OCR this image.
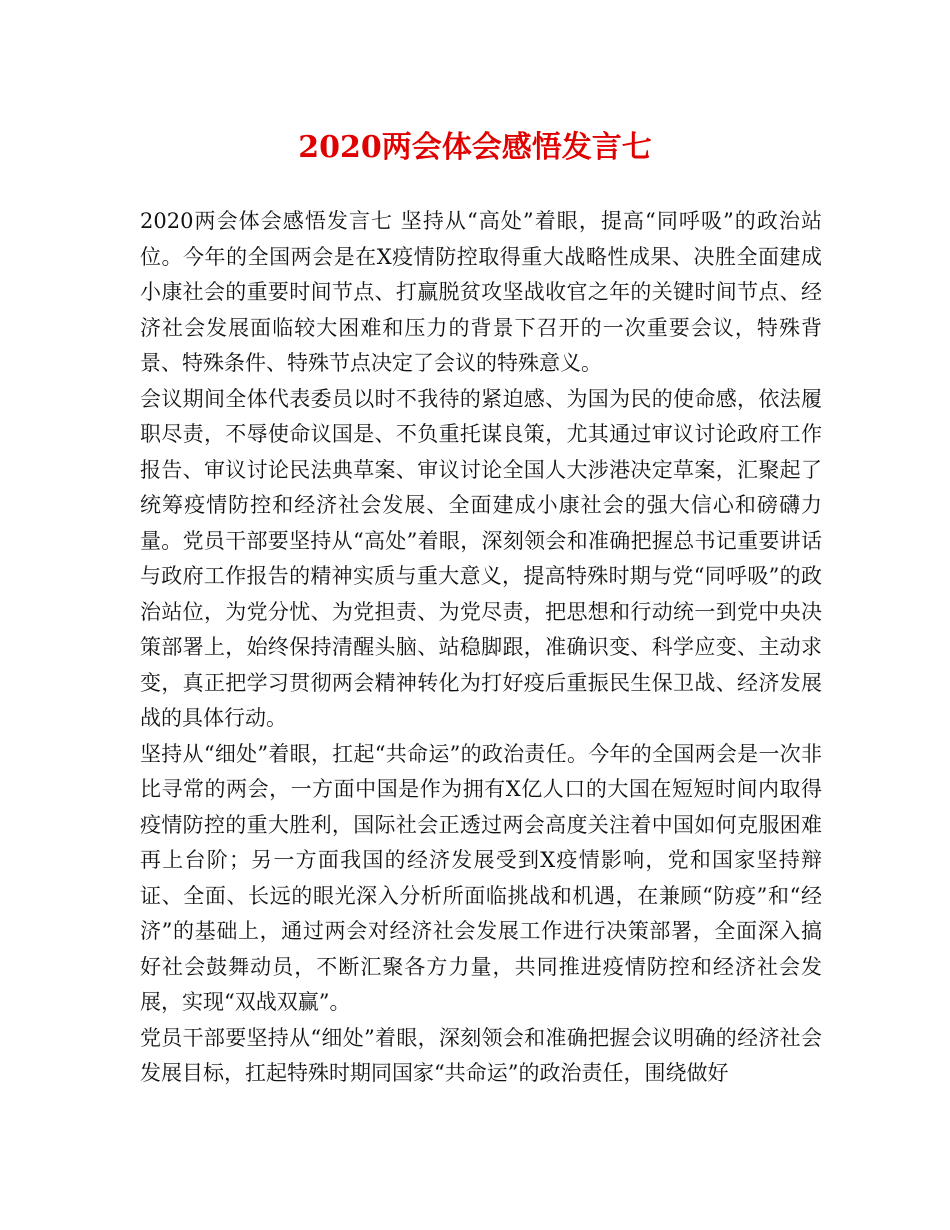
2020两会体会感悟发言七

2020两会体会感悟发言七 坚持从“高处”着眼，提高“同呼吸”的政治站位。今年的全国两会是在X疫情防控取得重大战略性成果、决胜全面建成小康社会的重要时间节点、打赢脱贫攻坚战收官之年的关键时间节点、经济社会发展面临较大困难和压力的背景下召开的一次重要会议，特殊背景、特殊条件、特殊节点决定了会议的特殊意义。

会议期间全体代表委员以时不我待的紧迫感、为国为民的使命感，依法履职尽责，不辱使命议国是、不负重托谋良策，尤其通过审议讨论政府工作报告、审议讨论民法典草案、审议讨论全国人大涉港决定草案，汇聚起了统筹疫情防控和经济社会发展、全面建成小康社会的强大信心和磅礴力量。党员干部要坚持从“高处”着眼，深刻领会和准确把握总书记重要讲话与政府工作报告的精神实质与重大意义，提高特殊时期与党“同呼吸”的政治站位，为党分忧、为党担责、为党尽责，把思想和行动统一到党中央决策部署上，始终保持清醒头脑、站稳脚跟，准确识变、科学应变、主动求变，真正把学习贯彻两会精神转化为打好疫后重振民生保卫战、经济发展战的具体行动。

坚持从“细处”着眼，扛起“共命运”的政治责任。今年的全国两会是一次非比寻常的两会，一方面中国是作为拥有X亿人口的大国在短短时间内取得疫情防控的重大胜利，国际社会正透过两会高度关注着中国如何克服困难再上台阶；另一方面我国的经济发展受到X疫情影响，党和国家坚持辩证、全面、长远的眼光深入分析所面临挑战和机遇，在兼顾“防疫”和“经济”的基础上，通过两会对经济社会发展工作进行决策部署，全面深入搞好社会鼓舞动员，不断汇聚各方力量，共同推进疫情防控和经济社会发展，实现“双战双赢”。

党员干部要坚持从“细处”着眼，深刻领会和准确把握会议明确的经济社会发展目标，扛起特殊时期同国家“共命运”的政治责任，围绕做好
